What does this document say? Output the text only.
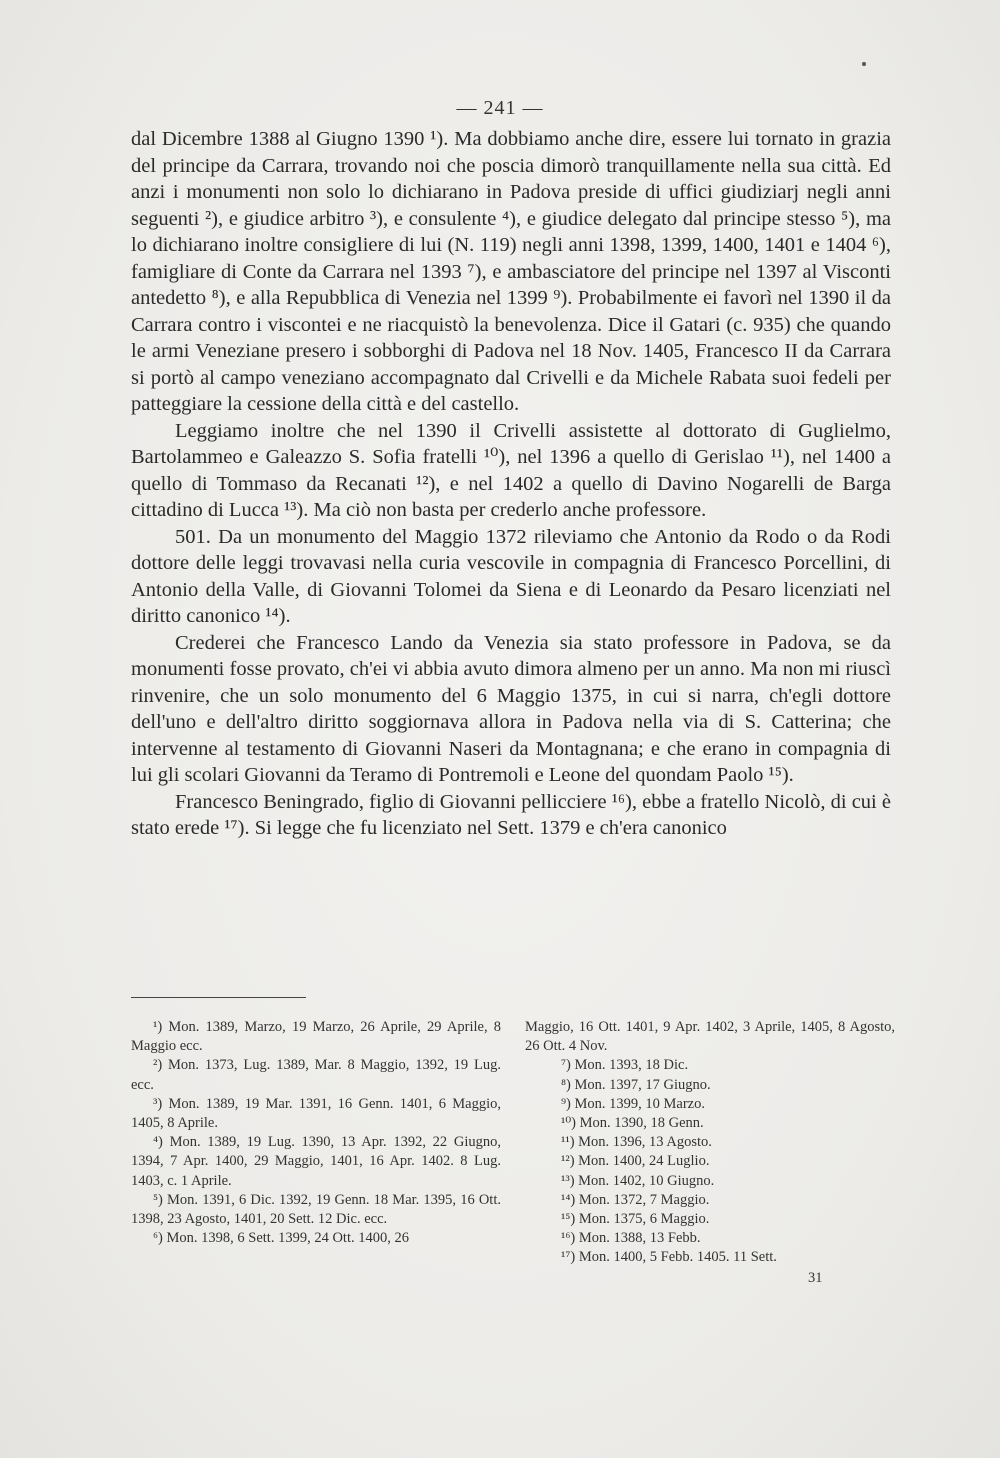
— 241 —

dal Dicembre 1388 al Giugno 1390 ¹). Ma dobbiamo anche dire, essere lui tornato in grazia del principe da Carrara, trovando noi che poscia dimorò tranquillamente nella sua città. Ed anzi i monumenti non solo lo dichiarano in Padova preside di uffici giudiziarj negli anni seguenti ²), e giudice arbitro ³), e consulente ⁴), e giudice delegato dal principe stesso ⁵), ma lo dichiarano inoltre consigliere di lui (N. 119) negli anni 1398, 1399, 1400, 1401 e 1404 ⁶), famigliare di Conte da Carrara nel 1393 ⁷), e ambasciatore del principe nel 1397 al Visconti antedetto ⁸), e alla Repubblica di Venezia nel 1399 ⁹). Probabilmente ei favorì nel 1390 il da Carrara contro i viscontei e ne riacquistò la benevolenza. Dice il Gatari (c. 935) che quando le armi Veneziane presero i sobborghi di Padova nel 18 Nov. 1405, Francesco II da Carrara si portò al campo veneziano accompagnato dal Crivelli e da Michele Rabata suoi fedeli per patteggiare la cessione della città e del castello.

Leggiamo inoltre che nel 1390 il Crivelli assistette al dottorato di Guglielmo, Bartolammeo e Galeazzo S. Sofia fratelli ¹⁰), nel 1396 a quello di Gerislao ¹¹), nel 1400 a quello di Tommaso da Recanati ¹²), e nel 1402 a quello di Davino Nogarelli de Barga cittadino di Lucca ¹³). Ma ciò non basta per crederlo anche professore.

501. Da un monumento del Maggio 1372 rileviamo che Antonio da Rodo o da Rodi dottore delle leggi trovavasi nella curia vescovile in compagnia di Francesco Porcellini, di Antonio della Valle, di Giovanni Tolomei da Siena e di Leonardo da Pesaro licenziati nel diritto canonico ¹⁴).

Crederei che Francesco Lando da Venezia sia stato professore in Padova, se da monumenti fosse provato, ch'ei vi abbia avuto dimora almeno per un anno. Ma non mi riuscì rinvenire, che un solo monumento del 6 Maggio 1375, in cui si narra, ch'egli dottore dell'uno e dell'altro diritto soggiornava allora in Padova nella via di S. Catterina; che intervenne al testamento di Giovanni Naseri da Montagnana; e che erano in compagnia di lui gli scolari Giovanni da Teramo di Pontremoli e Leone del quondam Paolo ¹⁵).

Francesco Beningrado, figlio di Giovanni pellicciere ¹⁶), ebbe a fratello Nicolò, di cui è stato erede ¹⁷). Si legge che fu licenziato nel Sett. 1379 e ch'era canonico

¹) Mon. 1389, Marzo, 19 Marzo, 26 Aprile, 29 Aprile, 8 Maggio ecc.

²) Mon. 1373, Lug. 1389, Mar. 8 Maggio, 1392, 19 Lug. ecc.

³) Mon. 1389, 19 Mar. 1391, 16 Genn. 1401, 6 Maggio, 1405, 8 Aprile.

⁴) Mon. 1389, 19 Lug. 1390, 13 Apr. 1392, 22 Giugno, 1394, 7 Apr. 1400, 29 Maggio, 1401, 16 Apr. 1402. 8 Lug. 1403, c. 1 Aprile.

⁵) Mon. 1391, 6 Dic. 1392, 19 Genn. 18 Mar. 1395, 16 Ott. 1398, 23 Agosto, 1401, 20 Sett. 12 Dic. ecc.

⁶) Mon. 1398, 6 Sett. 1399, 24 Ott. 1400, 26

Maggio, 16 Ott. 1401, 9 Apr. 1402, 3 Aprile, 1405, 8 Agosto, 26 Ott. 4 Nov.

⁷) Mon. 1393, 18 Dic.

⁸) Mon. 1397, 17 Giugno.

⁹) Mon. 1399, 10 Marzo.

¹⁰) Mon. 1390, 18 Genn.

¹¹) Mon. 1396, 13 Agosto.

¹²) Mon. 1400, 24 Luglio.

¹³) Mon. 1402, 10 Giugno.

¹⁴) Mon. 1372, 7 Maggio.

¹⁵) Mon. 1375, 6 Maggio.

¹⁶) Mon. 1388, 13 Febb.

¹⁷) Mon. 1400, 5 Febb. 1405. 11 Sett.

31
